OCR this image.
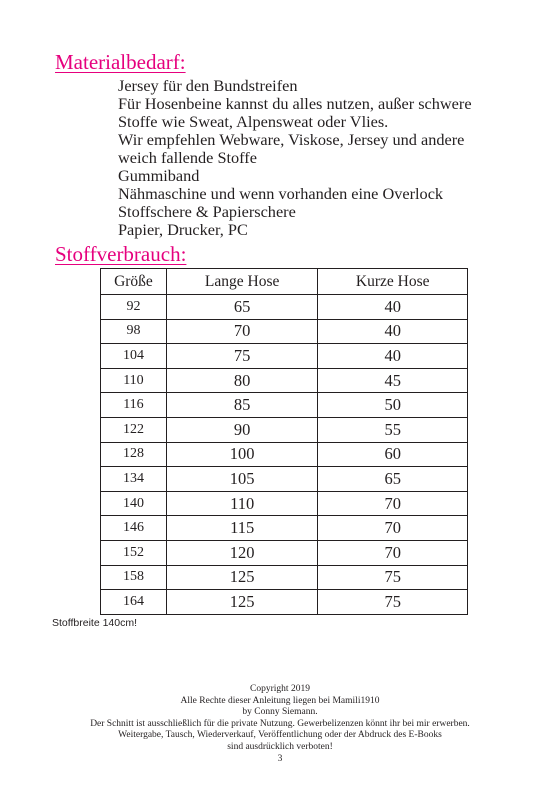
Materialbedarf:
Jersey für den Bundstreifen
Für Hosenbeine kannst du alles nutzen, außer schwere
Stoffe wie Sweat, Alpensweat oder Vlies.
Wir empfehlen Webware, Viskose, Jersey und andere
weich fallende Stoffe
Gummiband
Nähmaschine und wenn vorhanden eine Overlock
Stoffschere & Papierschere
Papier, Drucker, PC
Stoffverbrauch:
Größe	Lange Hose	Kurze Hose
92	65	40
98	70	40
104	75	40
110	80	45
116	85	50
122	90	55
128	100	60
134	105	65
140	110	70
146	115	70
152	120	70
158	125	75
164	125	75

Stoffbreite 140cm!

Copyright 2019
Alle Rechte dieser Anleitung liegen bei Mamili1910
by Conny Siemann.
Der Schnitt ist ausschließlich für die private Nutzung. Gewerbelizenzen könnt ihr bei mir erwerben.
Weitergabe, Tausch, Wiederverkauf, Veröffentlichung oder der Abdruck des E-Books
sind ausdrücklich verboten!
3
